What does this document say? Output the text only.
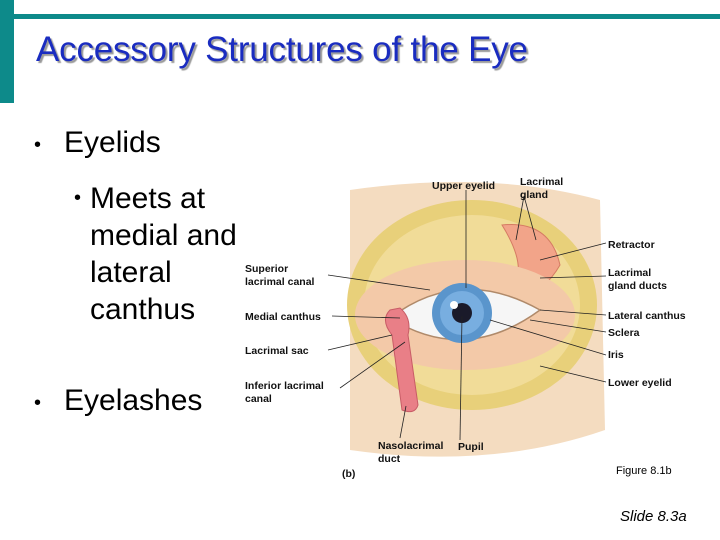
Accessory Structures of the Eye
• Eyelids
• Meets at medial and lateral canthus
• Eyelashes
Upper eyelid Lacrimal
gland
Retractor
Lacrimal
gland ducts
Lateral canthus
Sclera
Iris
Lower eyelid
Superior
lacrimal canal
Medial canthus
Lacrimal sac
Inferior lacrimal
canal
Nasolacrimal
duct
Pupil
(b)	Figure 8.1b
Slide 8.3a
